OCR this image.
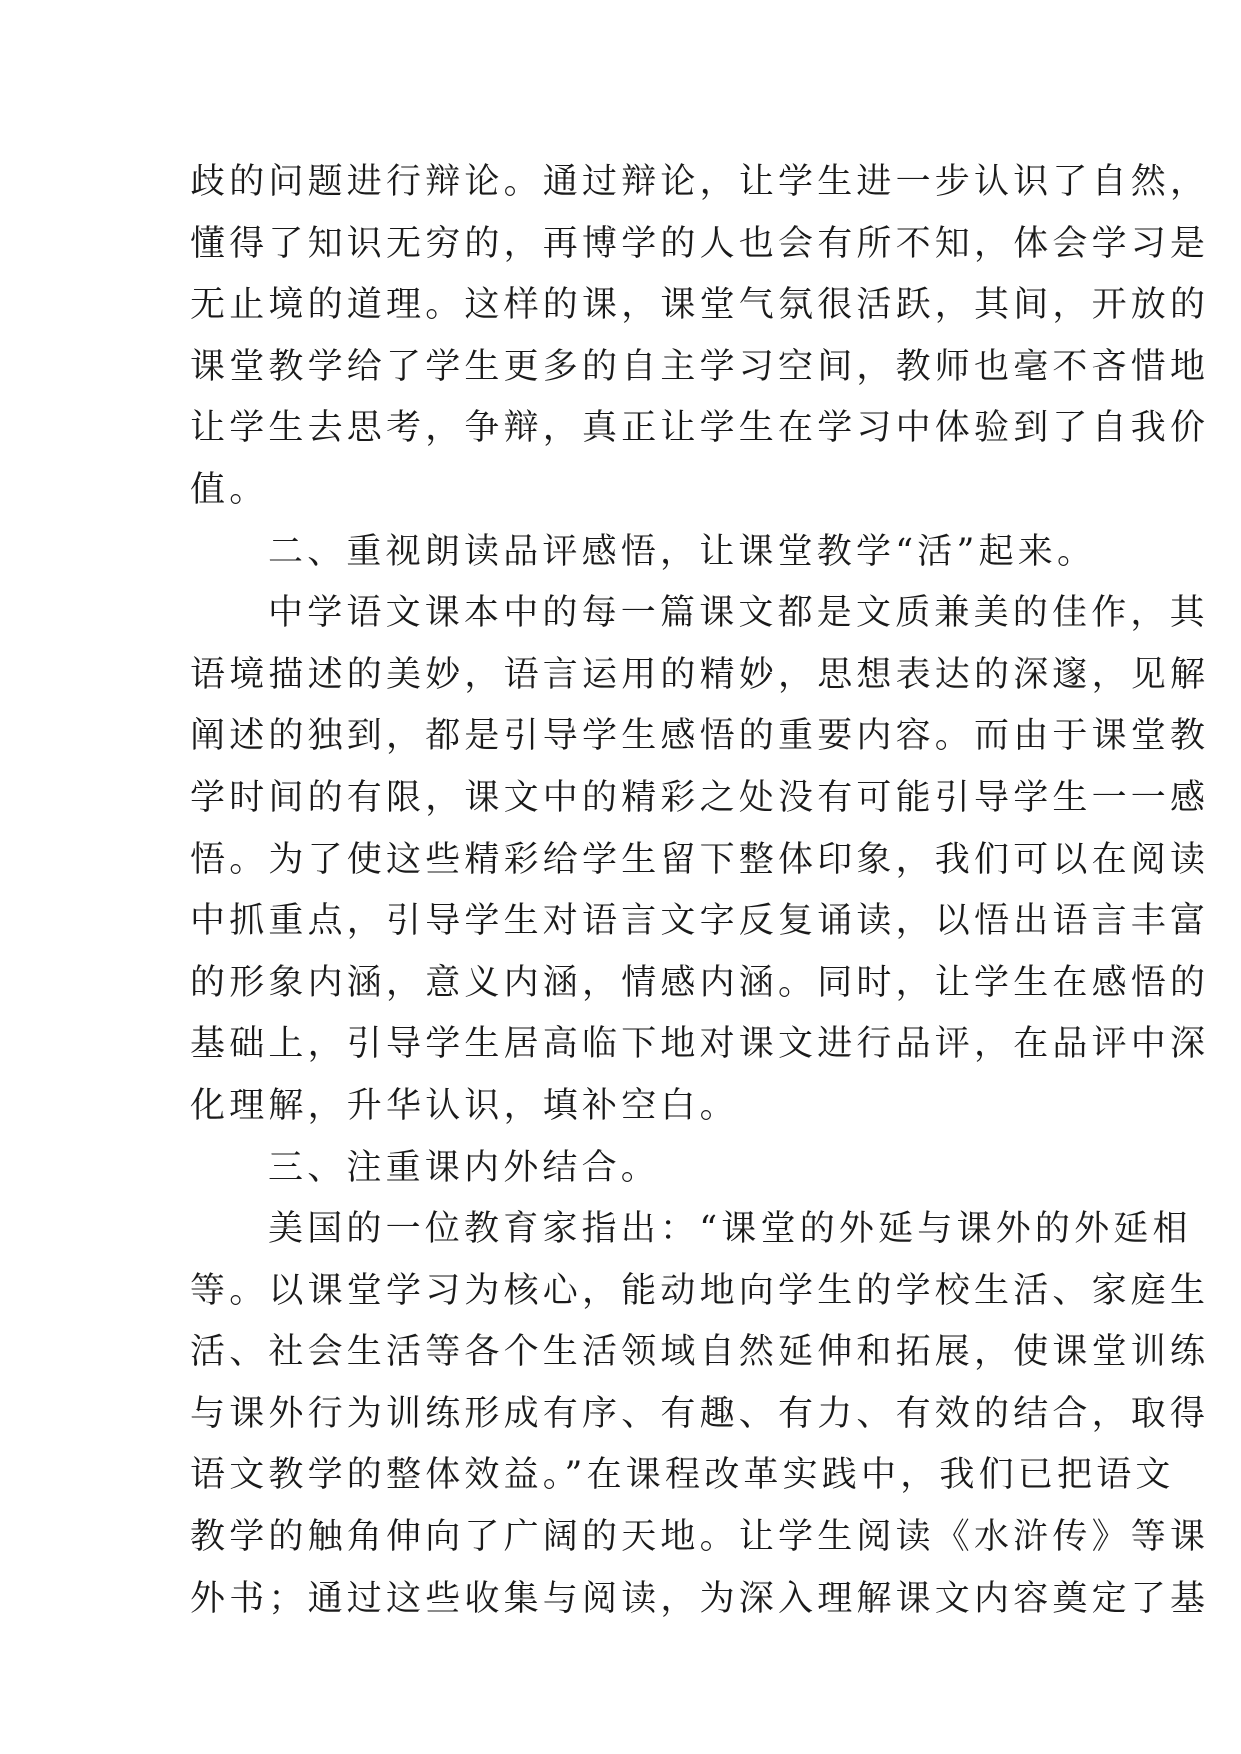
歧的问题进行辩论。通过辩论，让学生进一步认识了自然，
懂得了知识无穷的，再博学的人也会有所不知，体会学习是
无止境的道理。这样的课，课堂气氛很活跃，其间，开放的
课堂教学给了学生更多的自主学习空间，教师也毫不吝惜地
让学生去思考，争辩，真正让学生在学习中体验到了自我价
值。
二、重视朗读品评感悟，让课堂教学“活”起来。
中学语文课本中的每一篇课文都是文质兼美的佳作，其
语境描述的美妙，语言运用的精妙，思想表达的深邃，见解
阐述的独到，都是引导学生感悟的重要内容。而由于课堂教
学时间的有限，课文中的精彩之处没有可能引导学生一一感
悟。为了使这些精彩给学生留下整体印象，我们可以在阅读
中抓重点，引导学生对语言文字反复诵读，以悟出语言丰富
的形象内涵，意义内涵，情感内涵。同时，让学生在感悟的
基础上，引导学生居高临下地对课文进行品评，在品评中深
化理解，升华认识，填补空白。
三、注重课内外结合。
美国的一位教育家指出：“课堂的外延与课外的外延相
等。以课堂学习为核心，能动地向学生的学校生活、家庭生
活、社会生活等各个生活领域自然延伸和拓展，使课堂训练
与课外行为训练形成有序、有趣、有力、有效的结合，取得
语文教学的整体效益。”在课程改革实践中，我们已把语文
教学的触角伸向了广阔的天地。让学生阅读《水浒传》等课
外书；通过这些收集与阅读，为深入理解课文内容奠定了基
